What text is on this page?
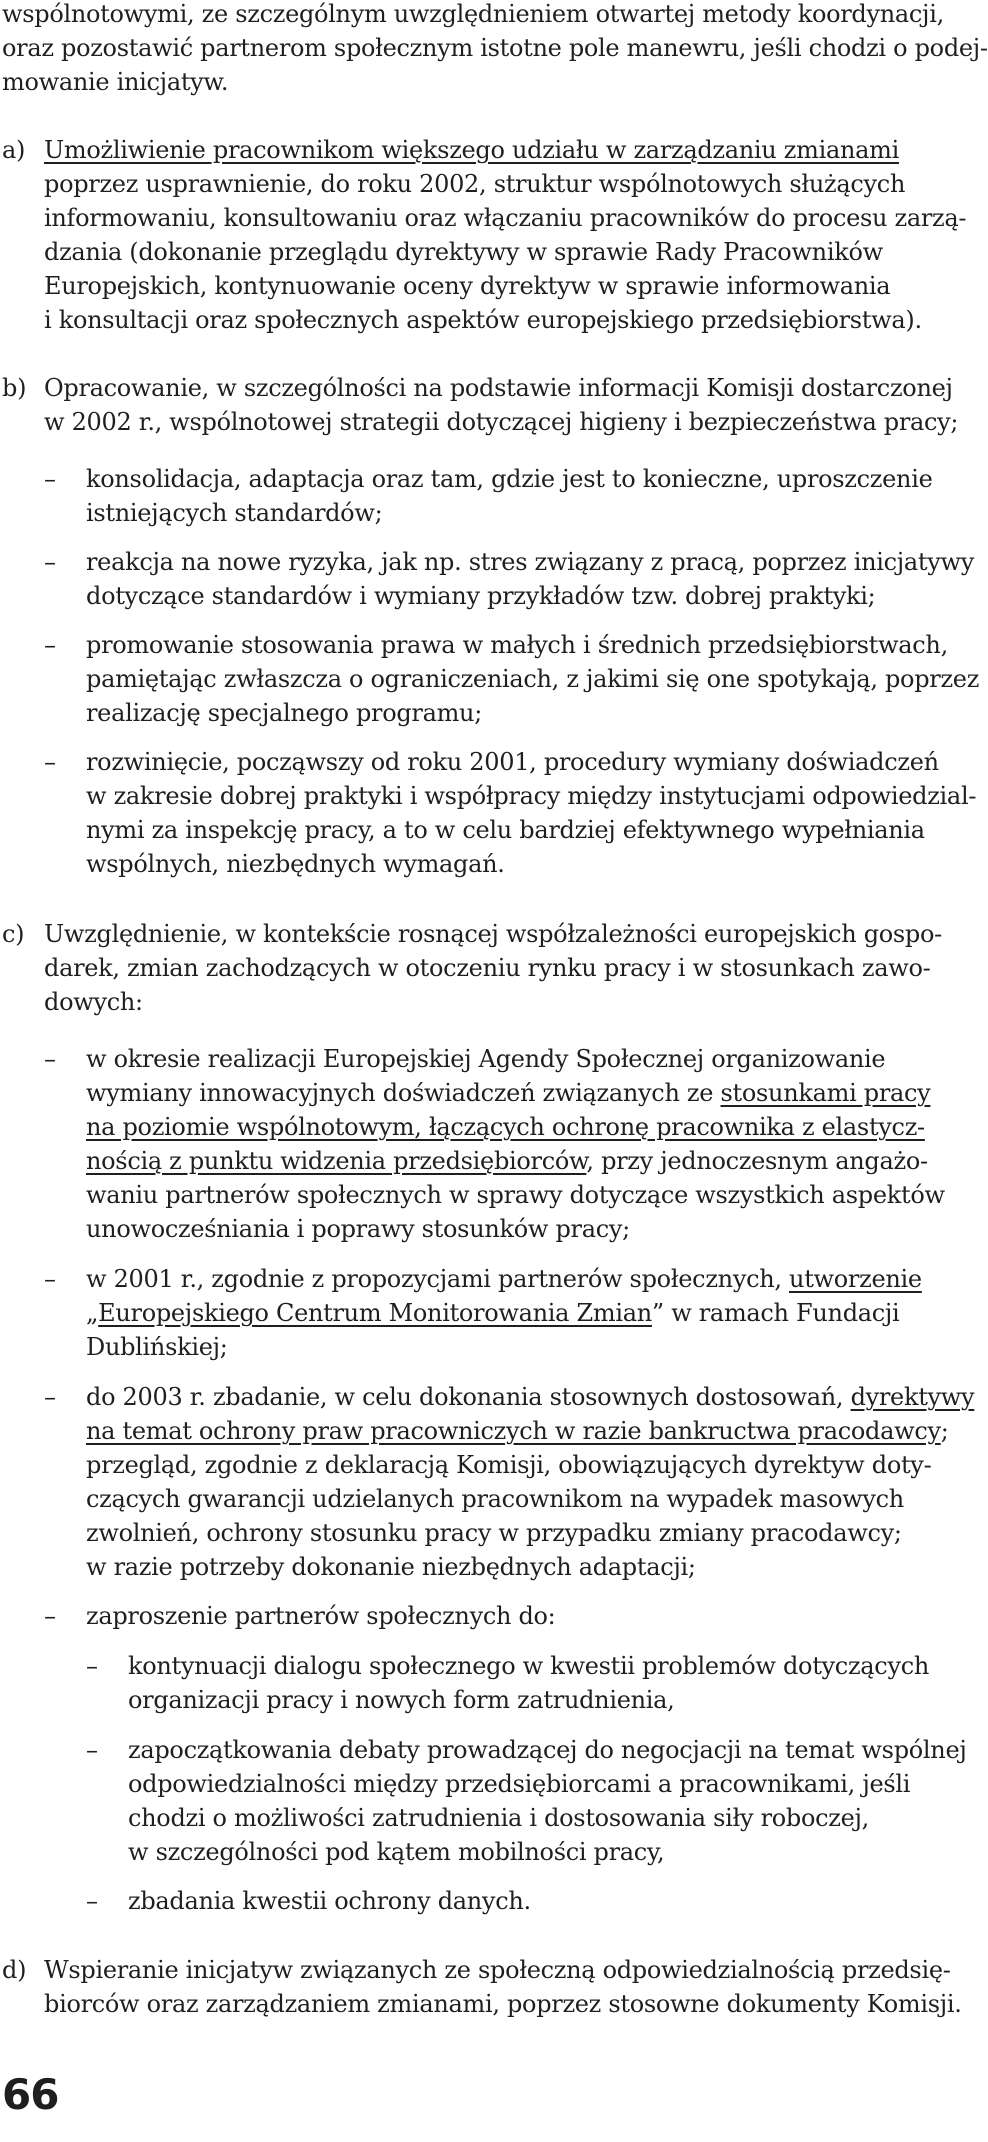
wspólnotowymi, ze szczególnym uwzględnieniem otwartej metody koordynacji,
oraz pozostawić partnerom społecznym istotne pole manewru, jeśli chodzi o podej-
mowanie inicjatyw.
a) Umożliwienie pracownikom większego udziału w zarządzaniu zmianami
poprzez usprawnienie, do roku 2002, struktur wspólnotowych służących
informowaniu, konsultowaniu oraz włączaniu pracowników do procesu zarzą-
dzania (dokonanie przeglądu dyrektywy w sprawie Rady Pracowników
Europejskich, kontynuowanie oceny dyrektyw w sprawie informowania
i konsultacji oraz społecznych aspektów europejskiego przedsiębiorstwa).
b) Opracowanie, w szczególności na podstawie informacji Komisji dostarczonej
w 2002 r., wspólnotowej strategii dotyczącej higieny i bezpieczeństwa pracy;
– konsolidacja, adaptacja oraz tam, gdzie jest to konieczne, uproszczenie
istniejących standardów;
– reakcja na nowe ryzyka, jak np. stres związany z pracą, poprzez inicjatywy
dotyczące standardów i wymiany przykładów tzw. dobrej praktyki;
– promowanie stosowania prawa w małych i średnich przedsiębiorstwach,
pamiętając zwłaszcza o ograniczeniach, z jakimi się one spotykają, poprzez
realizację specjalnego programu;
– rozwinięcie, począwszy od roku 2001, procedury wymiany doświadczeń
w zakresie dobrej praktyki i współpracy między instytucjami odpowiedzial-
nymi za inspekcję pracy, a to w celu bardziej efektywnego wypełniania
wspólnych, niezbędnych wymagań.
c) Uwzględnienie, w kontekście rosnącej współzależności europejskich gospo-
darek, zmian zachodzących w otoczeniu rynku pracy i w stosunkach zawo-
dowych:
– w okresie realizacji Europejskiej Agendy Społecznej organizowanie
wymiany innowacyjnych doświadczeń związanych ze stosunkami pracy
na poziomie wspólnotowym, łączących ochronę pracownika z elastycz-
nością z punktu widzenia przedsiębiorców, przy jednoczesnym angażo-
waniu partnerów społecznych w sprawy dotyczące wszystkich aspektów
unowocześniania i poprawy stosunków pracy;
– w 2001 r., zgodnie z propozycjami partnerów społecznych, utworzenie
„Europejskiego Centrum Monitorowania Zmian” w ramach Fundacji
Dublińskiej;
– do 2003 r. zbadanie, w celu dokonania stosownych dostosowań, dyrektywy
na temat ochrony praw pracowniczych w razie bankructwa pracodawcy;
przegląd, zgodnie z deklaracją Komisji, obowiązujących dyrektyw doty-
czących gwarancji udzielanych pracownikom na wypadek masowych
zwolnień, ochrony stosunku pracy w przypadku zmiany pracodawcy;
w razie potrzeby dokonanie niezbędnych adaptacji;
– zaproszenie partnerów społecznych do:
– kontynuacji dialogu społecznego w kwestii problemów dotyczących
organizacji pracy i nowych form zatrudnienia,
– zapoczątkowania debaty prowadzącej do negocjacji na temat wspólnej
odpowiedzialności między przedsiębiorcami a pracownikami, jeśli
chodzi o możliwości zatrudnienia i dostosowania siły roboczej,
w szczególności pod kątem mobilności pracy,
– zbadania kwestii ochrony danych.
d) Wspieranie inicjatyw związanych ze społeczną odpowiedzialnością przedsię-
biorców oraz zarządzaniem zmianami, poprzez stosowne dokumenty Komisji.
66
